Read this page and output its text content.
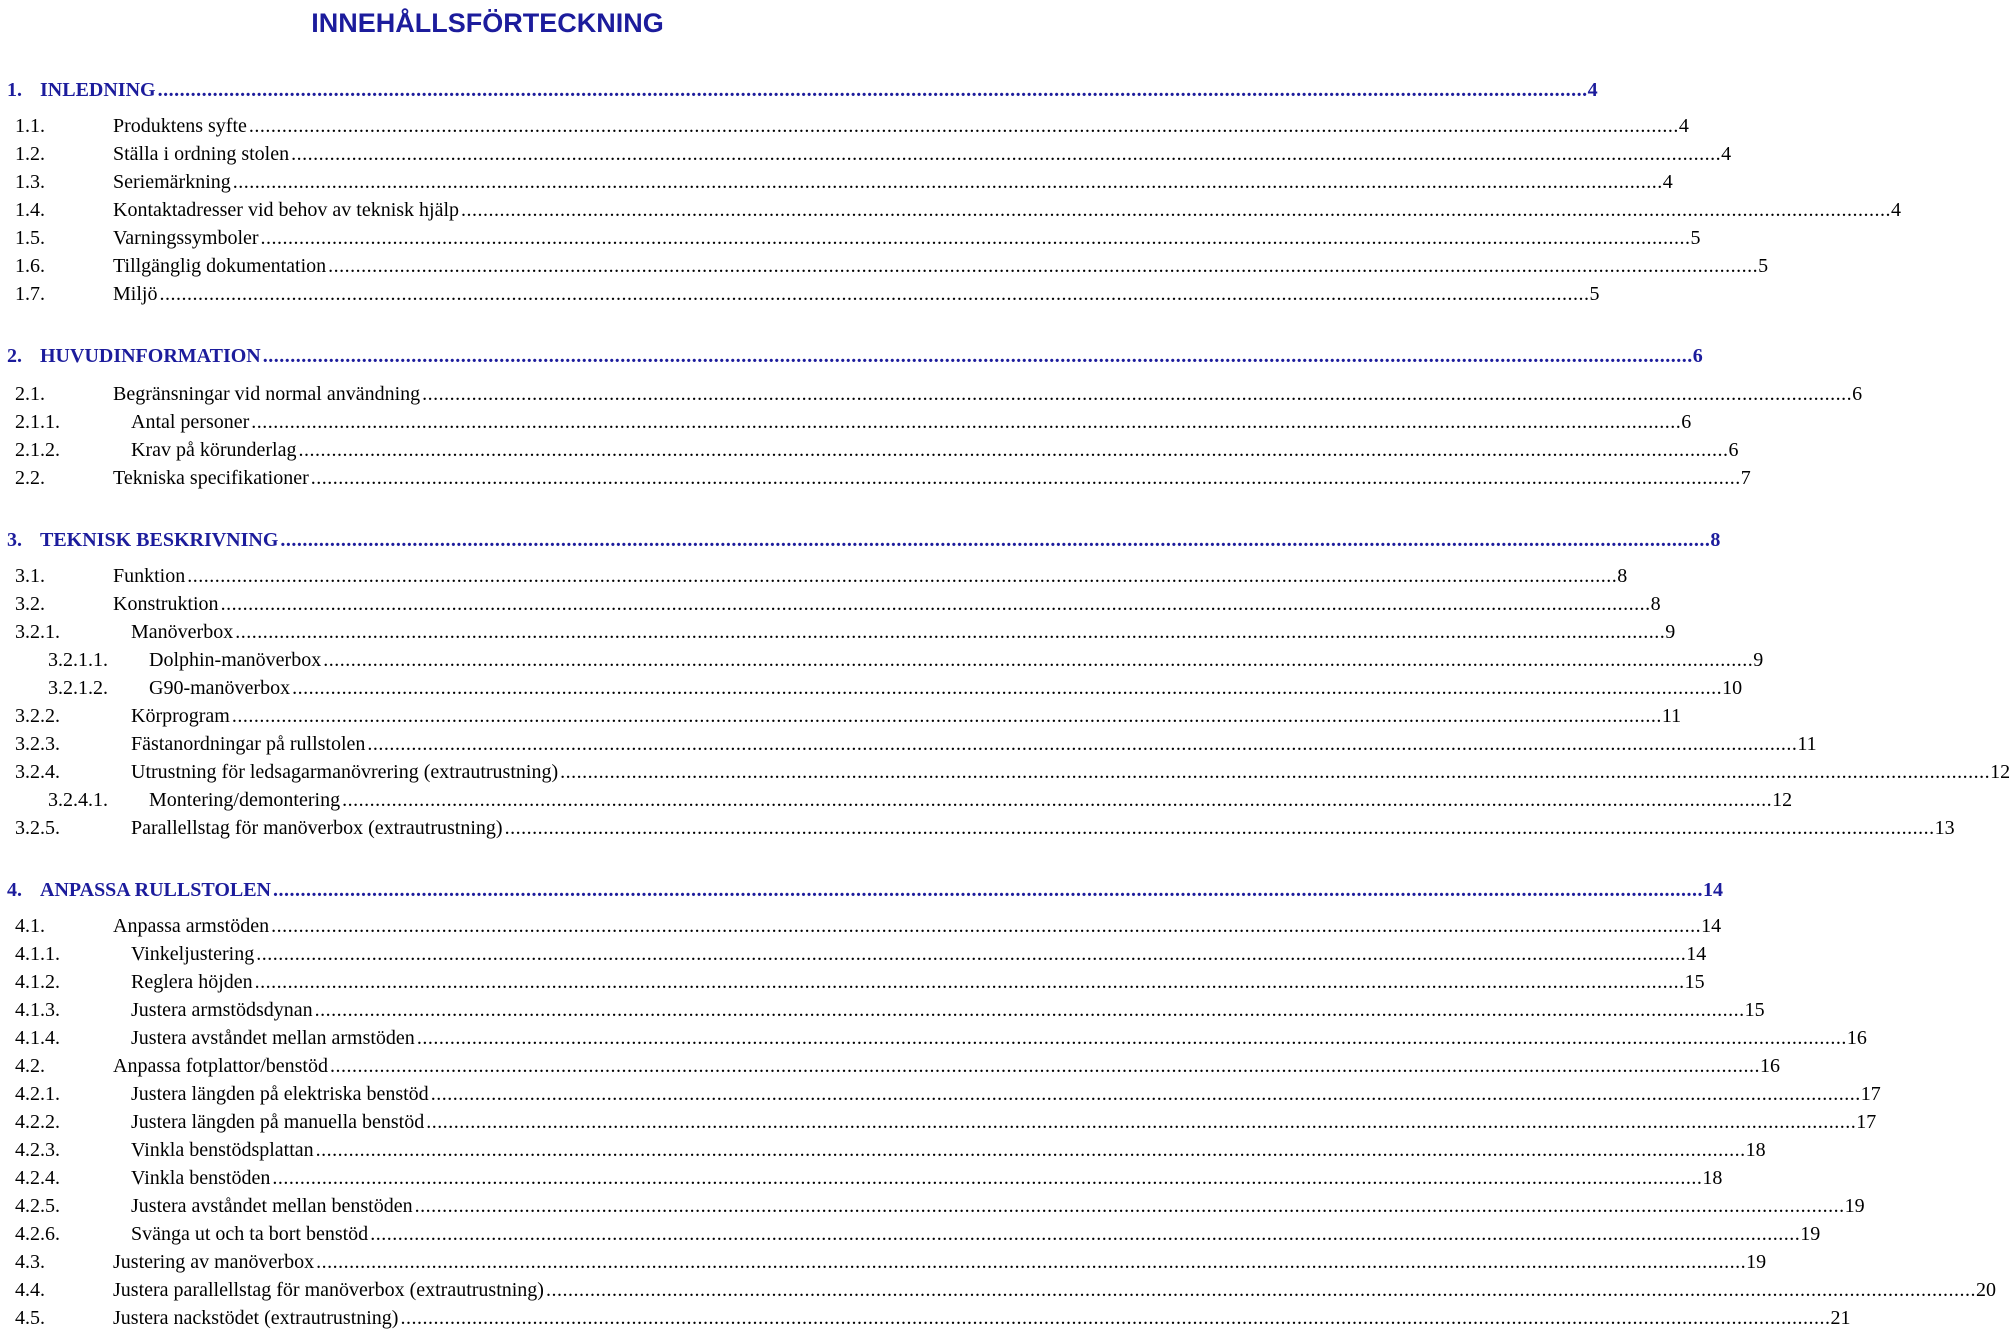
INNEHÅLLSFÖRTECKNING
1. INLEDNING .................................................................................................................................................................................................................................................................... 4
1.1.	Produktens syfte .................................................................................................................................................................................................................................................................... 4
1.2.	Ställa i ordning stolen .................................................................................................................................................................................................................................................................... 4
1.3.	Seriemärkning .................................................................................................................................................................................................................................................................... 4
1.4.	Kontaktadresser vid behov av teknisk hjälp .................................................................................................................................................................................................................................................................... 4
1.5.	Varningssymboler .................................................................................................................................................................................................................................................................... 5
1.6.	Tillgänglig dokumentation .................................................................................................................................................................................................................................................................... 5
1.7.	Miljö .................................................................................................................................................................................................................................................................... 5
2. HUVUDINFORMATION .................................................................................................................................................................................................................................................................... 6
2.1.	Begränsningar vid normal användning .................................................................................................................................................................................................................................................................... 6
2.1.1.	Antal personer .................................................................................................................................................................................................................................................................... 6
2.1.2.	Krav på körunderlag .................................................................................................................................................................................................................................................................... 6
2.2.	Tekniska specifikationer .................................................................................................................................................................................................................................................................... 7
3. TEKNISK BESKRIVNING .................................................................................................................................................................................................................................................................... 8
3.1.	Funktion .................................................................................................................................................................................................................................................................... 8
3.2.	Konstruktion .................................................................................................................................................................................................................................................................... 8
3.2.1.	Manöverbox .................................................................................................................................................................................................................................................................... 9
3.2.1.1. Dolphin-manöverbox .................................................................................................................................................................................................................................................................... 9
3.2.1.2. G90-manöverbox .................................................................................................................................................................................................................................................................... 10
3.2.2.	Körprogram .................................................................................................................................................................................................................................................................... 11
3.2.3.	Fästanordningar på rullstolen .................................................................................................................................................................................................................................................................... 11
3.2.4.	Utrustning för ledsagarmanövrering (extrautrustning) .................................................................................................................................................................................................................................................................... 12
3.2.4.1. Montering/demontering .................................................................................................................................................................................................................................................................... 12
3.2.5.	Parallellstag för manöverbox (extrautrustning) .................................................................................................................................................................................................................................................................... 13
4. ANPASSA RULLSTOLEN .................................................................................................................................................................................................................................................................... 14
4.1.	Anpassa armstöden .................................................................................................................................................................................................................................................................... 14
4.1.1.	Vinkeljustering .................................................................................................................................................................................................................................................................... 14
4.1.2.	Reglera höjden .................................................................................................................................................................................................................................................................... 15
4.1.3.	Justera armstödsdynan .................................................................................................................................................................................................................................................................... 15
4.1.4.	Justera avståndet mellan armstöden .................................................................................................................................................................................................................................................................... 16
4.2.	Anpassa fotplattor/benstöd .................................................................................................................................................................................................................................................................... 16
4.2.1.	Justera längden på elektriska benstöd .................................................................................................................................................................................................................................................................... 17
4.2.2.	Justera längden på manuella benstöd .................................................................................................................................................................................................................................................................... 17
4.2.3.	Vinkla benstödsplattan .................................................................................................................................................................................................................................................................... 18
4.2.4.	Vinkla benstöden .................................................................................................................................................................................................................................................................... 18
4.2.5.	Justera avståndet mellan benstöden .................................................................................................................................................................................................................................................................... 19
4.2.6.	Svänga ut och ta bort benstöd .................................................................................................................................................................................................................................................................... 19
4.3.	Justering av manöverbox .................................................................................................................................................................................................................................................................... 19
4.4.	Justera parallellstag för manöverbox (extrautrustning) .................................................................................................................................................................................................................................................................... 20
4.5.	Justera nackstödet (extrautrustning) .................................................................................................................................................................................................................................................................... 21
